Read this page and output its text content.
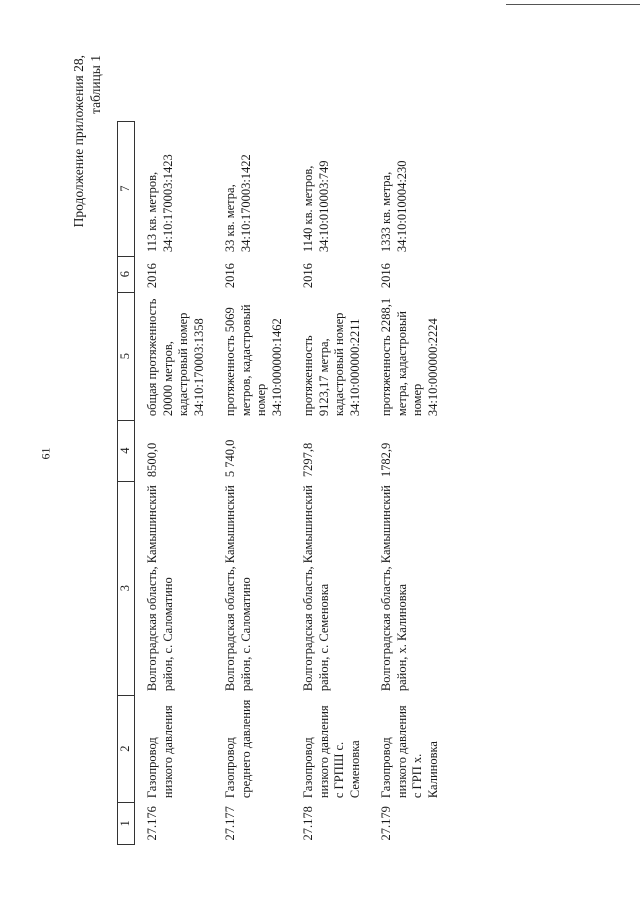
61
Продолжение приложения 28, таблицы 1
1	2	3	4	5	6	7
27.176	Газопровод низкого давления	Волгоградская область, Камышинский район, с. Саломатино	8500,0	общая протяженность 20000 метров, кадастровый номер 34:10:170003:1358	2016	113 кв. метров, 34:10:170003:1423
27.177	Газопровод среднего давления	Волгоградская область, Камышинский район, с. Саломатино	5 740,0	протяженность 5069 метров, кадастровый номер 34:10:000000:1462	2016	33 кв. метра, 34:10:170003:1422
27.178	Газопровод низкого давления с ГРПШ с. Семеновка	Волгоградская область, Камышинский район, с. Семеновка	7297,8	протяженность 9123,17 метра, кадастровый номер 34:10:000000:2211	2016	1140 кв. метров, 34:10:010003:749
27.179	Газопровод низкого давления с ГРП х. Калиновка	Волгоградская область, Камышинский район, х. Калиновка	1782,9	протяженность 2288,1 метра, кадастровый номер 34:10:000000:2224	2016	1333 кв. метра, 34:10:010004:230
